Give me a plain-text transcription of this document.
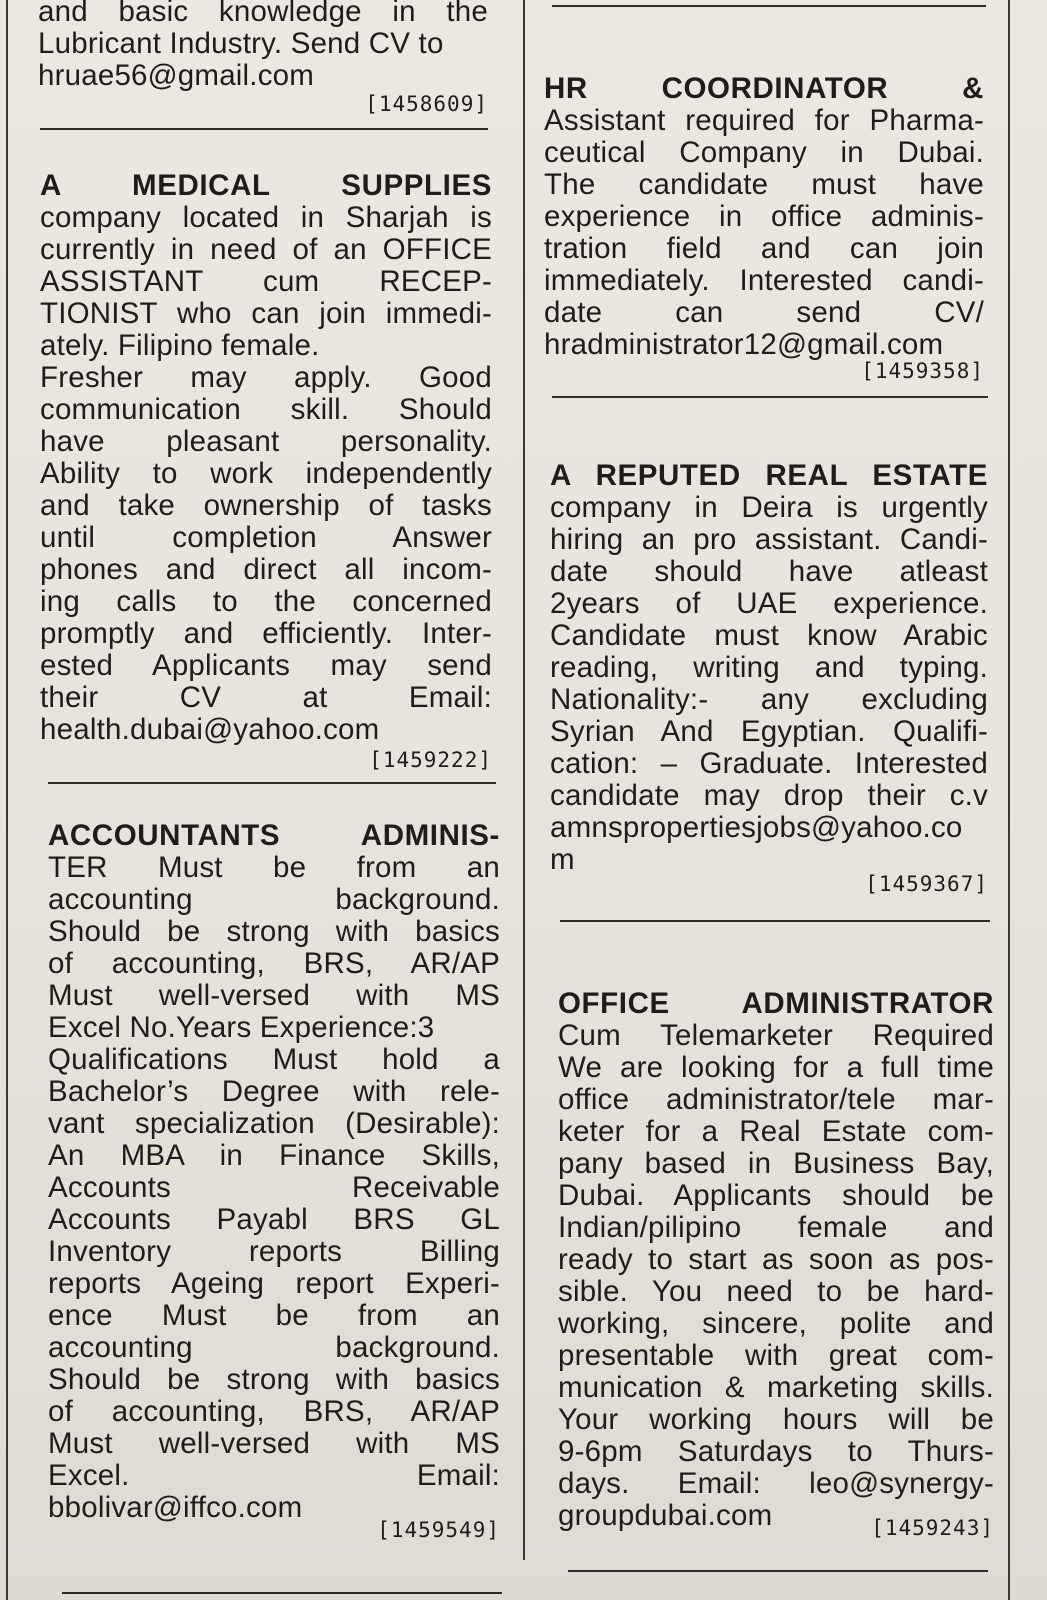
and basic knowledge in the
Lubricant Industry. Send CV to
hruae56@gmail.com
[1458609]
A MEDICAL SUPPLIES
company located in Sharjah is
currently in need of an OFFICE
ASSISTANT cum RECEP-
TIONIST who can join immedi-
ately. Filipino female.
Fresher may apply. Good
communication skill. Should
have pleasant personality.
Ability to work independently
and take ownership of tasks
until completion Answer
phones and direct all incom-
ing calls to the concerned
promptly and efficiently. Inter-
ested Applicants may send
their CV at Email:
health.dubai@yahoo.com
[1459222]
ACCOUNTANTS ADMINIS-
TER Must be from an
accounting background.
Should be strong with basics
of accounting, BRS, AR/AP
Must well-versed with MS
Excel No.Years Experience:3
Qualifications Must hold a
Bachelor’s Degree with rele-
vant specialization (Desirable):
An MBA in Finance Skills,
Accounts Receivable
Accounts Payabl BRS GL
Inventory reports Billing
reports Ageing report Experi-
ence Must be from an
accounting background.
Should be strong with basics
of accounting, BRS, AR/AP
Must well-versed with MS
Excel. Email:
bbolivar@iffco.com
[1459549]
HR COORDINATOR &
Assistant required for Pharma-
ceutical Company in Dubai.
The candidate must have
experience in office adminis-
tration field and can join
immediately. Interested candi-
date can send CV/
hradministrator12@gmail.com
[1459358]
A REPUTED REAL ESTATE
company in Deira is urgently
hiring an pro assistant. Candi-
date should have atleast
2years of UAE experience.
Candidate must know Arabic
reading, writing and typing.
Nationality:- any excluding
Syrian And Egyptian. Qualifi-
cation: – Graduate. Interested
candidate may drop their c.v
amnspropertiesjobs@yahoo.co
m
[1459367]
OFFICE ADMINISTRATOR
Cum Telemarketer Required
We are looking for a full time
office administrator/tele mar-
keter for a Real Estate com-
pany based in Business Bay,
Dubai. Applicants should be
Indian/pilipino female and
ready to start as soon as pos-
sible. You need to be hard-
working, sincere, polite and
presentable with great com-
munication & marketing skills.
Your working hours will be
9-6pm Saturdays to Thurs-
days. Email: leo@synergy-
groupdubai.com	[1459243]
